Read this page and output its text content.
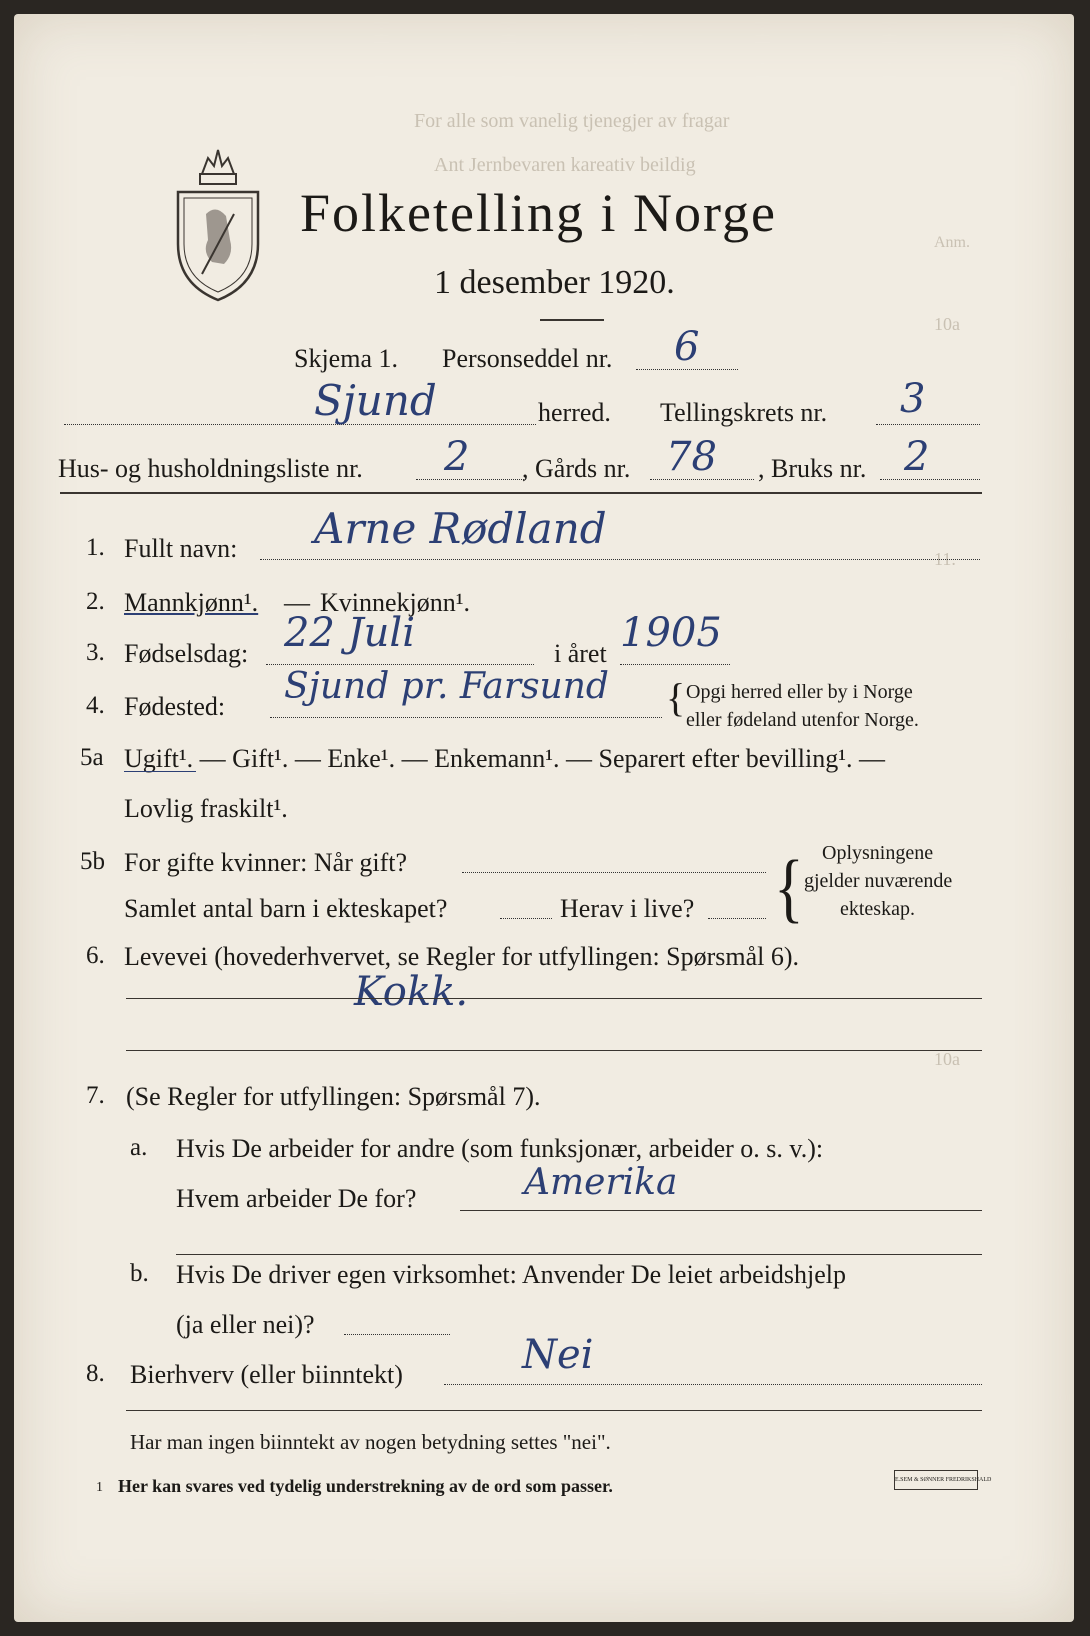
For alle som vanelig tjenegjer av fragar
Ant Jernbevaren kareativ beildig
Anm.
10a
11.
10a
Folketelling i Norge
1 desember 1920.
Skjema 1. Personseddel nr. 6
Sjund	herred. Tellingskrets nr. 3
Hus- og husholdningsliste nr. 2 , Gårds nr. 78 , Bruks nr. 2
1. Fullt navn: Arne Rødland
2. Mannkjønn¹. — Kvinnekjønn¹.
3. Fødselsdag: 22 Juli	i året 1905
4. Fødested: Sjund pr. Farsund { Opgi herred eller by i Norge
eller fødeland utenfor Norge.
5a Ugift¹. — Gift¹. — Enke¹. — Enkemann¹. — Separert efter bevilling¹. —
Lovlig fraskilt¹.
5b For gifte kvinner: Når gift?
Samlet antal barn i ekteskapet?	Herav i live? { Oplysningene
gjelder nuværende
ekteskap.
6. Levevei (hovederhvervet, se Regler for utfyllingen: Spørsmål 6).
Kokk.
7. (Se Regler for utfyllingen: Spørsmål 7).
a. Hvis De arbeider for andre (som funksjonær, arbeider o. s. v.):
Hvem arbeider De for?	Amerika
b. Hvis De driver egen virksomhet: Anvender De leiet arbeidshjelp
(ja eller nei)?
8. Bierhverv (eller biinntekt)	Nei
Har man ingen biinntekt av nogen betydning settes "nei".
1 Her kan svares ved tydelig understrekning av de ord som passer.	E.SEM & SØNNER FREDRIKSHALD
